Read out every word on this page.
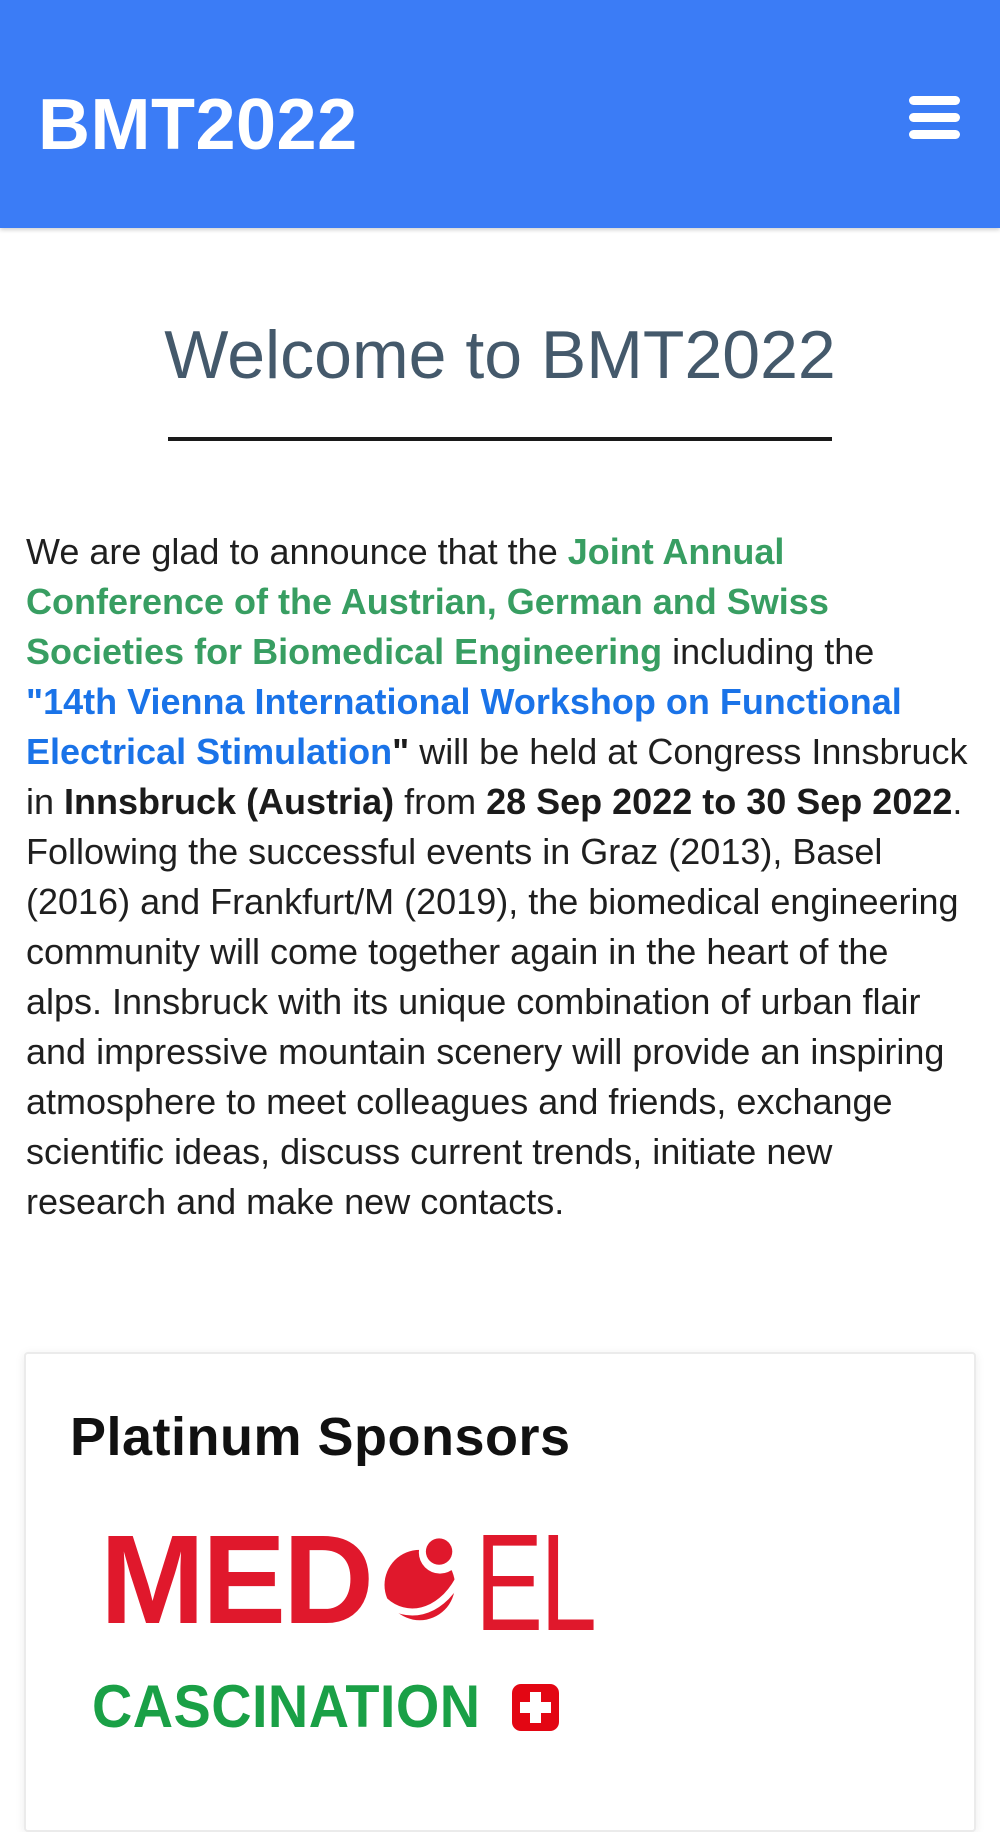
BMT2022
Welcome to BMT2022

We are glad to announce that the Joint Annual Conference of the Austrian, German and Swiss Societies for Biomedical Engineering including the "14th Vienna International Workshop on Functional Electrical Stimulation" will be held at Congress Innsbruck in Innsbruck (Austria) from 28 Sep 2022 to 30 Sep 2022. Following the successful events in Graz (2013), Basel (2016) and Frankfurt/M (2019), the biomedical engineering community will come together again in the heart of the alps. Innsbruck with its unique combination of urban flair and impressive mountain scenery will provide an inspiring atmosphere to meet colleagues and friends, exchange scientific ideas, discuss current trends, initiate new research and make new contacts.

Platinum Sponsors
MED EL
CASCINATION
